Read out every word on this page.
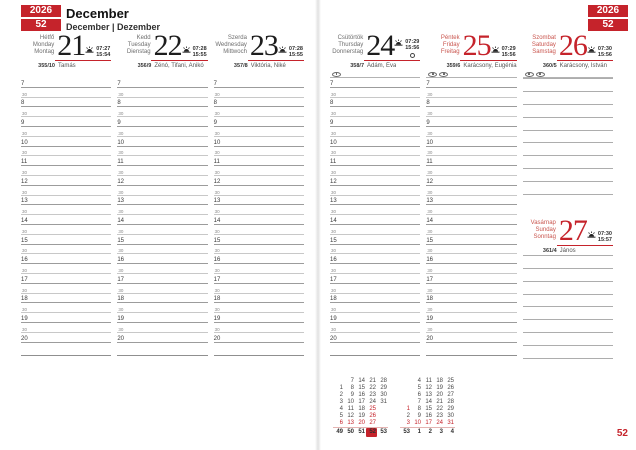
2026
52
December
December | Dezember
2026
52
Hétfő
Monday
Montag 21 07:27
15:54
355/10 Tamás
7
30
8
30
9
30
10
30
11
30
12
30
13
30
14
30
15
30
16
30
17
30
18
30
19
30
20
Kedd
Tuesday
Dienstag 22 07:28
15:55
356/9 Zénó, Tifani, Anikó
7
30
8
30
9
30
10
30
11
30
12
30
13
30
14
30
15
30
16
30
17
30
18
30
19
30
20
Szerda
Wednesday
Mittwoch 23 07:28
15:55
357/8 Viktória, Niké
7
30
8
30
9
30
10
30
11
30
12
30
13
30
14
30
15
30
16
30
17
30
18
30
19
30
20
Csütörtök
Thursday
Donnerstag 24 07:29
15:56
358/7 Ádám, Éva
7
30
8
30
9
30
10
30
11
30
12
30
13
30
14
30
15
30
16
30
17
30
18
30
19
30
20
Péntek
Friday
Freitag 25 07:29
15:56
359/6 Karácsony, Eugénia
7
30
8
30
9
30
10
30
11
30
12
30
13
30
14
30
15
30
16
30
17
30
18
30
19
30
20
Szombat
Saturday
Samstag 26 07:30
15:56
360/5 Karácsony, István
Vasárnap
Sunday
Sonntag 27 07:30
15:57
361/4 János
	7	14	21	28
1	8	15	22	29
2	9	16	23	30
3	10	17	24	31
4	11	18	25	
5	12	19	26	
6	13	20	27	
49	50	51	52	53
	4	11	18	25
	5	12	19	26
	6	13	20	27
	7	14	21	28
1	8	15	22	29
2	9	16	23	30
3	10	17	24	31
53	1	2	3	4	52
